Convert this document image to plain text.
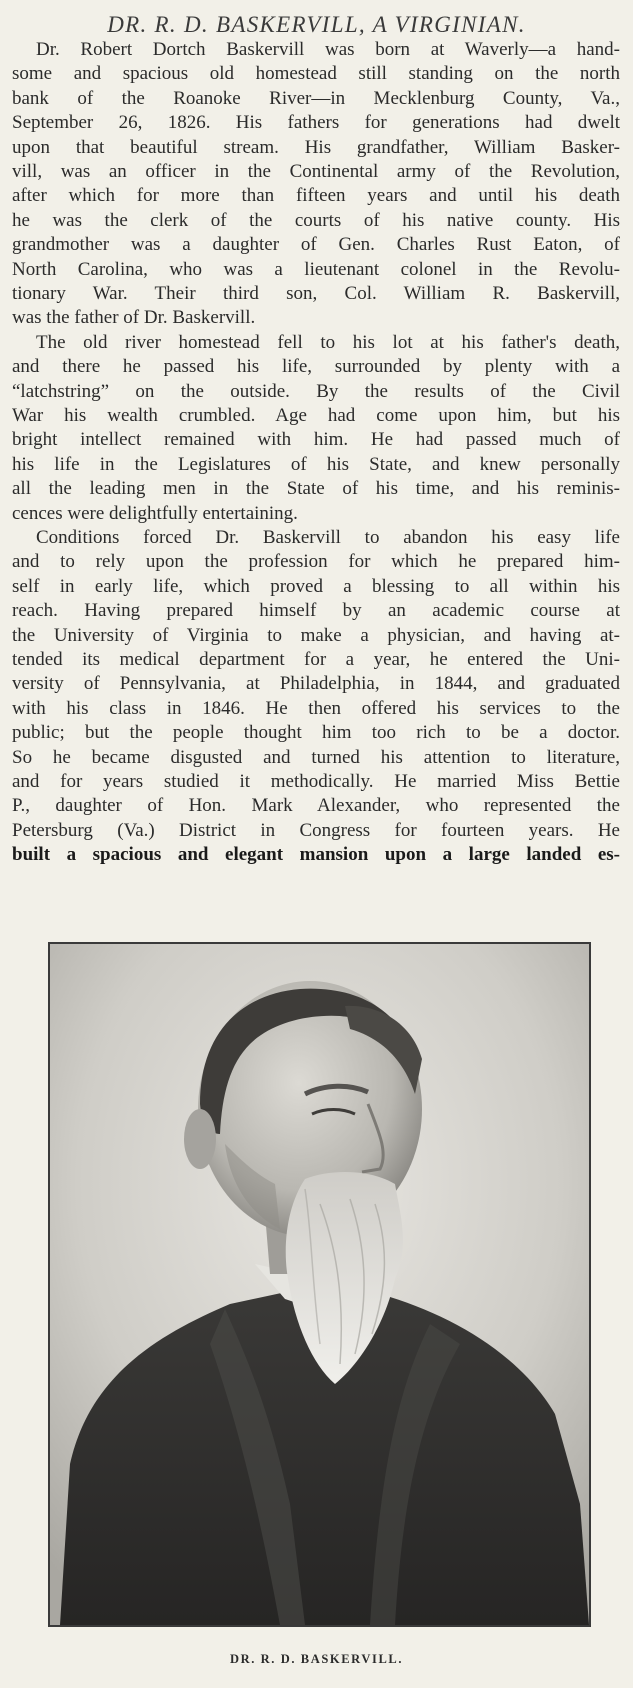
DR. R. D. BASKERVILL, A VIRGINIAN.
Dr. Robert Dortch Baskervill was born at Waverly—a hand-
some and spacious old homestead still standing on the north
bank of the Roanoke River—in Mecklenburg County, Va.,
September 26, 1826. His fathers for generations had dwelt
upon that beautiful stream. His grandfather, William Basker-
vill, was an officer in the Continental army of the Revolution,
after which for more than fifteen years and until his death
he was the clerk of the courts of his native county. His
grandmother was a daughter of Gen. Charles Rust Eaton, of
North Carolina, who was a lieutenant colonel in the Revolu-
tionary War. Their third son, Col. William R. Baskervill,
was the father of Dr. Baskervill.
The old river homestead fell to his lot at his father's death,
and there he passed his life, surrounded by plenty with a
“latchstring” on the outside. By the results of the Civil
War his wealth crumbled. Age had come upon him, but his
bright intellect remained with him. He had passed much of
his life in the Legislatures of his State, and knew personally
all the leading men in the State of his time, and his reminis-
cences were delightfully entertaining.
Conditions forced Dr. Baskervill to abandon his easy life
and to rely upon the profession for which he prepared him-
self in early life, which proved a blessing to all within his
reach. Having prepared himself by an academic course at
the University of Virginia to make a physician, and having at-
tended its medical department for a year, he entered the Uni-
versity of Pennsylvania, at Philadelphia, in 1844, and graduated
with his class in 1846. He then offered his services to the
public; but the people thought him too rich to be a doctor.
So he became disgusted and turned his attention to literature,
and for years studied it methodically. He married Miss Bettie
P., daughter of Hon. Mark Alexander, who represented the
Petersburg (Va.) District in Congress for fourteen years. He
built a spacious and elegant mansion upon a large landed es-
DR. R. D. BASKERVILL.
